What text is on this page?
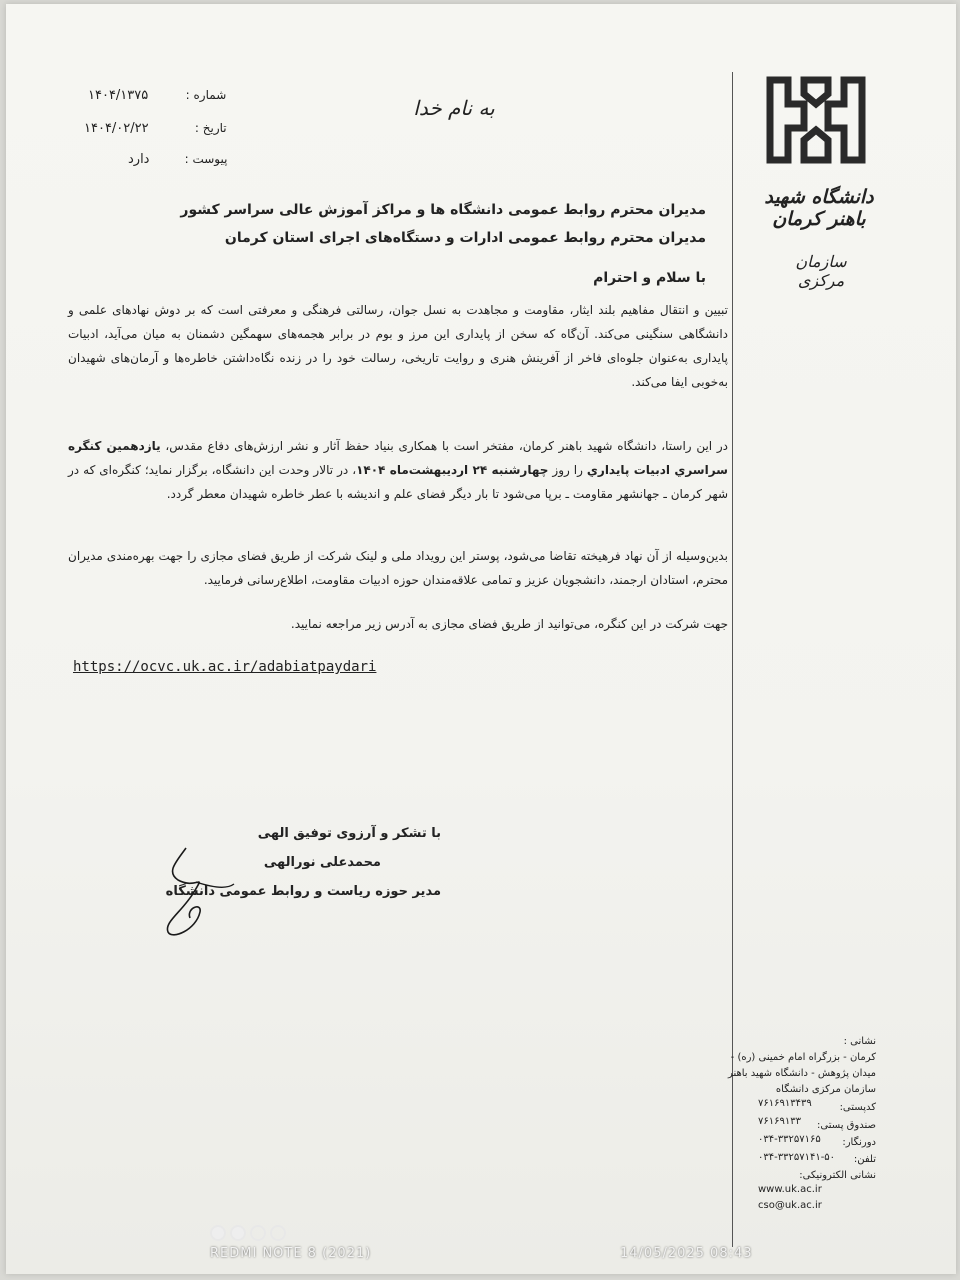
شماره :
۱۴۰۴/۱۳۷۵
تاریخ :
۱۴۰۴/۰۲/۲۲
پیوست :
دارد
به نام خدا
دانشگاه شهید باهنر کرمان
سازمان مرکزی
مدیران محترم روابط عمومی دانشگاه ها و مراکز آموزش عالی سراسر کشور
مدیران محترم روابط عمومی ادارات و دستگاه‌های اجرای استان کرمان
با سلام و احترام
تبیین و انتقال مفاهیم بلند ایثار، مقاومت و مجاهدت به نسل جوان، رسالتی فرهنگی و معرفتی است که بر دوش نهادهای علمی و دانشگاهی سنگینی می‌کند. آن‌گاه که سخن از پایداری این مرز و بوم در برابر هجمه‌های سهمگین دشمنان به میان می‌آید، ادبیات پایداری به‌عنوان جلوه‌ای فاخر از آفرینش هنری و روایت تاریخی، رسالت خود را در زنده نگاه‌داشتن خاطره‌ها و آرمان‌های شهیدان به‌خوبی ایفا می‌کند.
در این راستا، دانشگاه شهید باهنر کرمان، مفتخر است با همکاری بنیاد حفظ آثار و نشر ارزش‌های دفاع مقدس، یازدهمین کنگره سراسري ادبیات پایداري را روز چهارشنبه ۲۴ اردیبهشت‌ماه ۱۴۰۴، در تالار وحدت این دانشگاه، برگزار نماید؛ کنگره‌ای که در شهر کرمان ـ جهانشهر مقاومت ـ برپا می‌شود تا بار دیگر فضای علم و اندیشه با عطر خاطره شهیدان معطر گردد.
بدین‌وسیله از آن نهاد فرهیخته تقاضا می‌شود، پوستر این رویداد ملی و لینک شرکت از طریق فضای مجازی را جهت بهره‌مندی مدیران محترم، استادان ارجمند، دانشجویان عزیز و تمامی علاقه‌مندان حوزه ادبیات مقاومت، اطلاع‌رسانی فرمایید.
جهت شرکت در این کنگره، می‌توانید از طریق فضای مجازی به آدرس زیر مراجعه نمایید.
https://ocvc.uk.ac.ir/adabiatpaydari
با تشکر و آرزوی توفیق الهی
محمدعلی نورالهی
مدیر حوزه ریاست و روابط عمومی دانشگاه
نشانی :
کرمان - بزرگراه امام خمینی (ره) -
میدان پژوهش - دانشگاه شهید باهنر
سازمان مرکزی دانشگاه
کدپستی:
۷۶۱۶۹۱۳۴۳۹
صندوق پستی:
۷۶۱۶۹۱۳۳
دورنگار:
۰۳۴-۳۳۲۵۷۱۶۵
تلفن:
۰۳۴-۳۳۲۵۷۱۴۱-۵۰
نشانی الکترونیکی:
www.uk.ac.ir
cso@uk.ac.ir
REDMI NOTE 8 (2021)	14/05/2025 08:43
